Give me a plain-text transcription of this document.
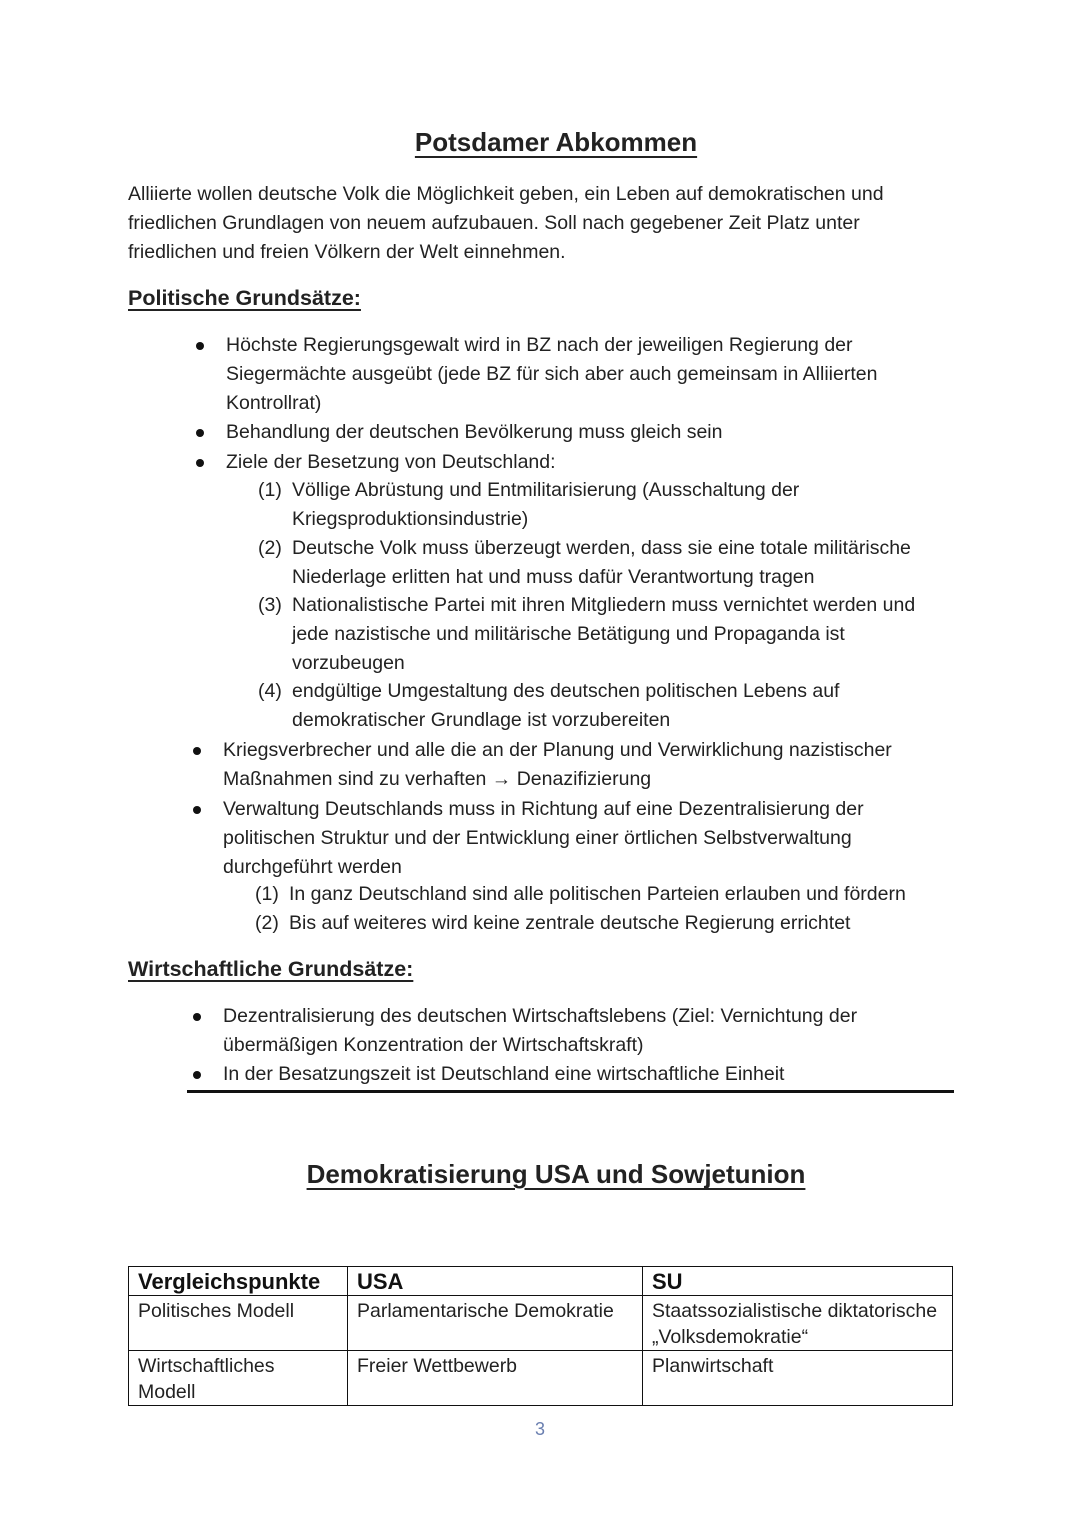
Potsdamer Abkommen

Alliierte wollen deutsche Volk die Möglichkeit geben, ein Leben auf demokratischen und

friedlichen Grundlagen von neuem aufzubauen. Soll nach gegebener Zeit Platz unter

friedlichen und freien Völkern der Welt einnehmen.

Politische Grundsätze:
Höchste Regierungsgewalt wird in BZ nach der jeweiligen Regierung der
Siegermächte ausgeübt (jede BZ für sich aber auch gemeinsam in Alliierten
Kontrollrat)
Behandlung der deutschen Bevölkerung muss gleich sein
Ziele der Besetzung von Deutschland:
(1) Völlige Abrüstung und Entmilitarisierung (Ausschaltung der
Kriegsproduktionsindustrie)
(2) Deutsche Volk muss überzeugt werden, dass sie eine totale militärische
Niederlage erlitten hat und muss dafür Verantwortung tragen
(3) Nationalistische Partei mit ihren Mitgliedern muss vernichtet werden und
jede nazistische und militärische Betätigung und Propaganda ist
vorzubeugen
(4) endgültige Umgestaltung des deutschen politischen Lebens auf
demokratischer Grundlage ist vorzubereiten
Kriegsverbrecher und alle die an der Planung und Verwirklichung nazistischer
Maßnahmen sind zu verhaften → Denazifizierung
Verwaltung Deutschlands muss in Richtung auf eine Dezentralisierung der
politischen Struktur und der Entwicklung einer örtlichen Selbstverwaltung
durchgeführt werden
(1) In ganz Deutschland sind alle politischen Parteien erlauben und fördern
(2) Bis auf weiteres wird keine zentrale deutsche Regierung errichtet
Wirtschaftliche Grundsätze:
Dezentralisierung des deutschen Wirtschaftslebens (Ziel: Vernichtung der
übermäßigen Konzentration der Wirtschaftskraft)
In der Besatzungszeit ist Deutschland eine wirtschaftliche Einheit
Demokratisierung USA und Sowjetunion
Vergleichspunkte	USA	SU
Politisches Modell	Parlamentarische Demokratie	Staatssozialistische diktatorische
„Volksdemokratie“

Wirtschaftliches
Modell	Freier Wettbewerb	Planwirtschaft
3
